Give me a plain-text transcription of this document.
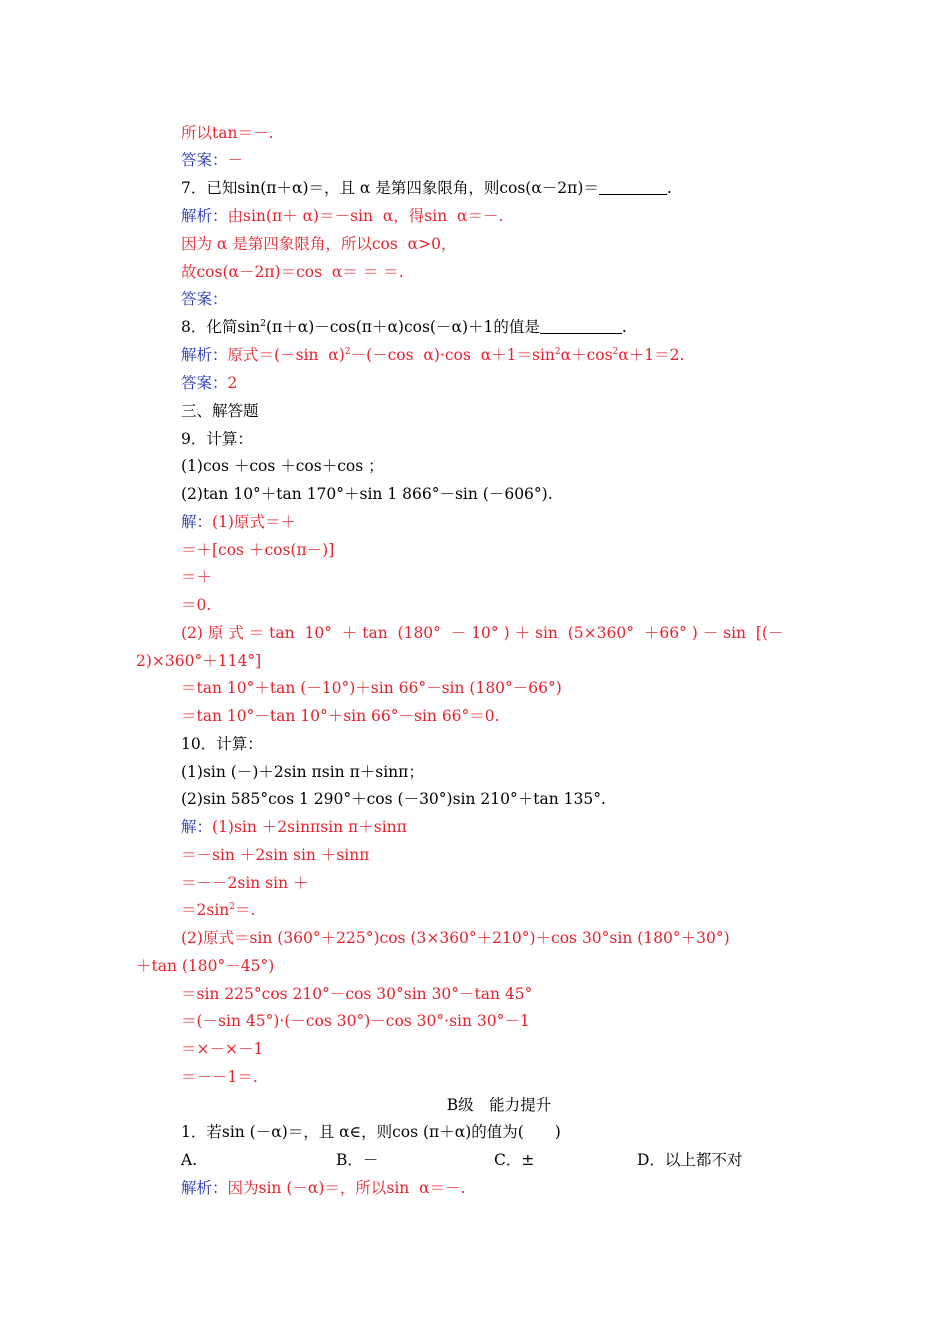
所以tan＝－.
答案：－
7．已知sin(π＋α)＝，且 α 是第四象限角，则cos(α－2π)＝	.
解析：由sin(π＋ α)＝－sin  α，得sin  α＝－.
因为 α 是第四象限角，所以cos  α>0，
故cos(α－2π)＝cos  α＝ ＝ ＝.
答案：
8．化简$\sin^2(\pi+\alpha)-\cos(\pi+\alpha)\cos(-\alpha)+1$的值是	.
解析：原式＝(－sin  α)$^2$－(－cos  α)·cos  $\alpha+1=\sin^2\alpha+\cos^2\alpha+1=2$.
答案：2
三、解答题
9．计算：
(1)cos ＋cos ＋cos＋cos ；
(2)tan 10°＋tan 170°＋sin 1 866°－sin (－606°).
解：(1)原式＝＋
＝＋[cos ＋cos(π－)]
＝＋
＝0.
(2) 原 式 ＝ tan  10°  ＋ tan  (180°  － 10° ) ＋ sin  (5×360°  ＋66° ) － sin  [(－
2)×360°＋114°]
＝tan 10°＋tan (－10°)＋sin 66°－sin (180°－66°)
＝tan 10°－tan 10°＋sin 66°－sin 66°＝0.
10．计算：
(1)sin (－)＋2sin πsin π＋sinπ；
(2)sin 585°cos 1 290°＋cos (－30°)sin 210°＋tan 135°.
解：(1)sin ＋2sinπsin π＋sinπ
＝－sin ＋2sin sin ＋sinπ
＝－－2sin sin ＋
$=2\sin^2=$.
(2)原式＝sin (360°＋225°)cos (3×360°＋210°)＋cos 30°sin (180°＋30°)
＋tan (180°－45°)
＝sin 225°cos 210°－cos 30°sin 30°－tan 45°
＝(－sin 45°)·(－cos 30°)－cos 30°·sin 30°－1
＝×－×－1
＝－－1＝.
B级　能力提升
1．若sin (－α)＝，且 α∈，则cos (π＋α)的值为(　　)

A.

	B．－

	C．±

	D．以上都不对

解析：因为sin (－α)＝，所以sin  α＝－.
